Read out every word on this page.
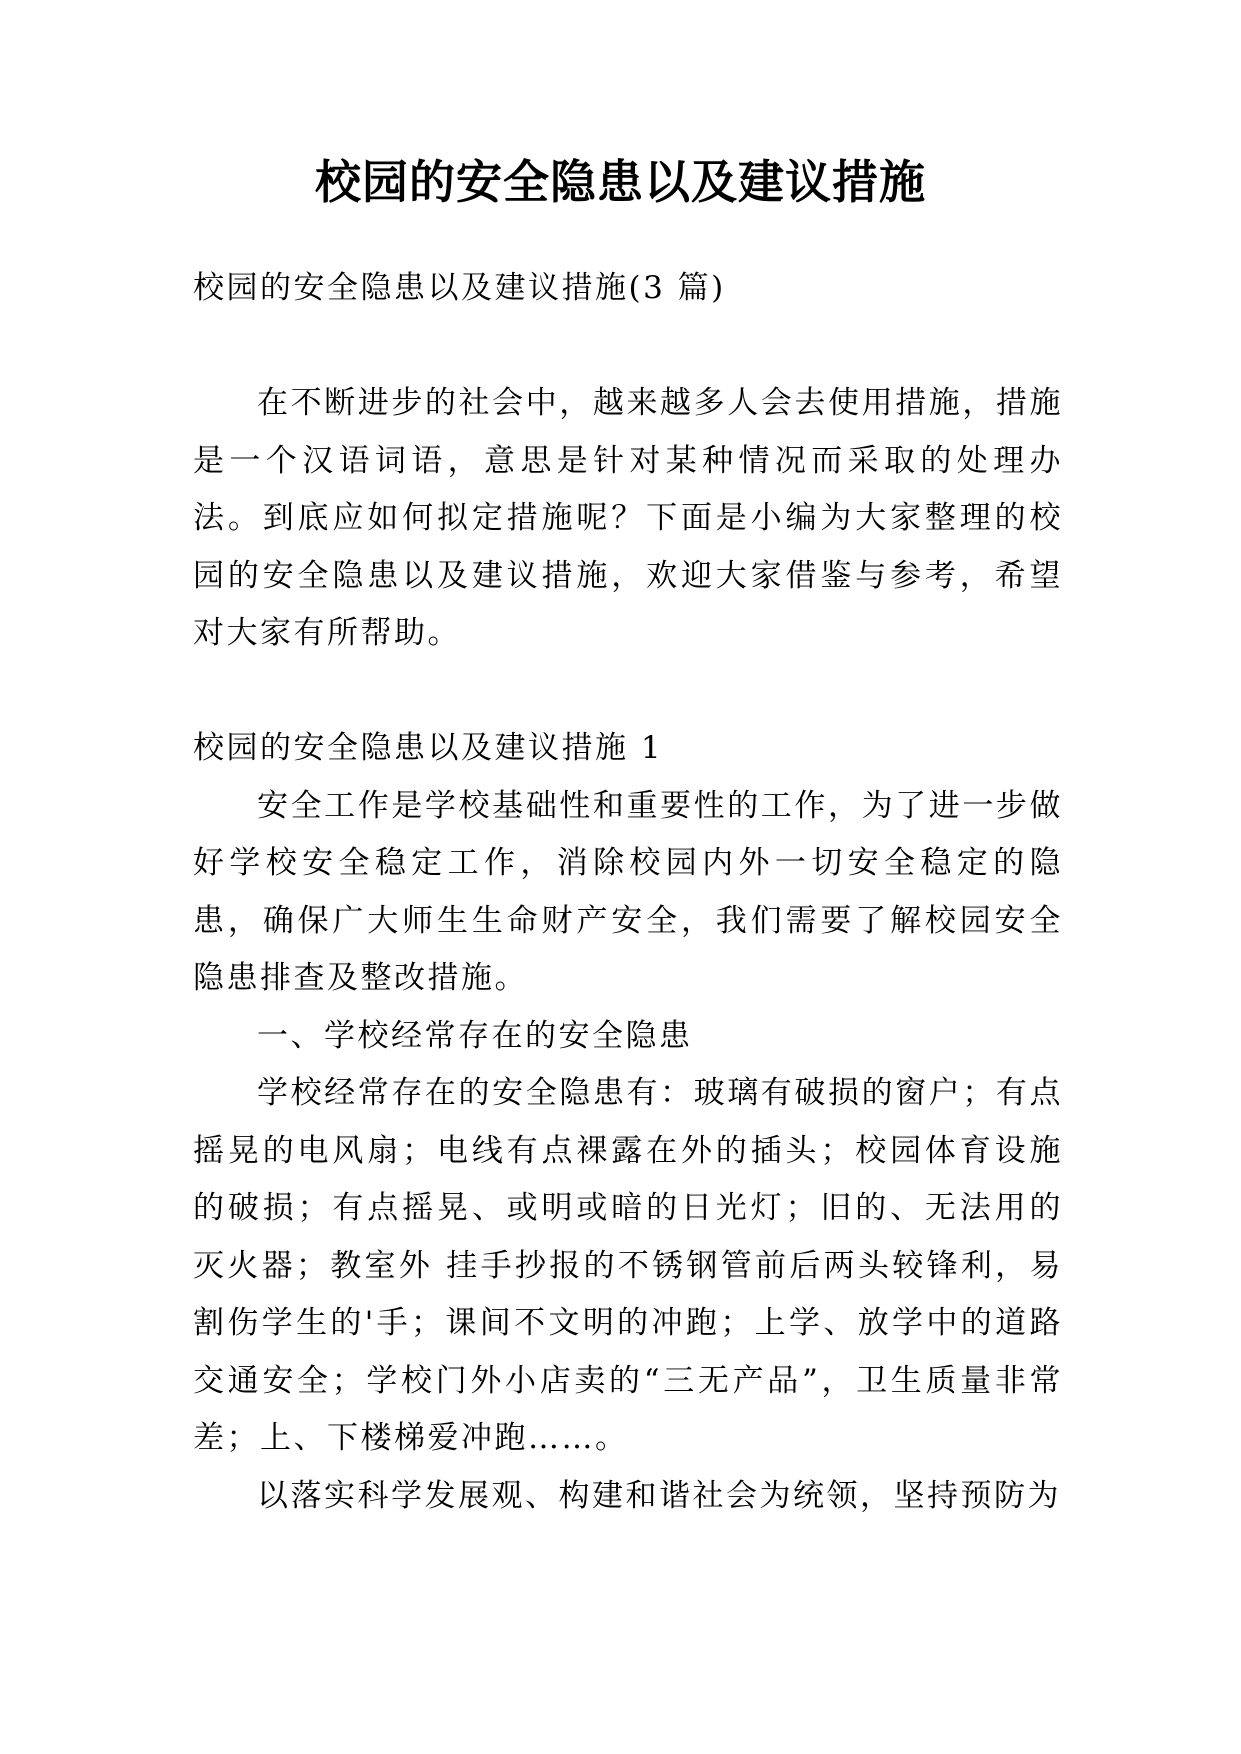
校园的安全隐患以及建议措施

校园的安全隐患以及建议措施(3 篇)

在不断进步的社会中，越来越多人会去使用措施，措施是一个汉语词语，意思是针对某种情况而采取的处理办法。到底应如何拟定措施呢？下面是小编为大家整理的校园的安全隐患以及建议措施，欢迎大家借鉴与参考，希望对大家有所帮助。

校园的安全隐患以及建议措施 1

安全工作是学校基础性和重要性的工作，为了进一步做好学校安全稳定工作，消除校园内外一切安全稳定的隐患，确保广大师生生命财产安全，我们需要了解校园安全隐患排查及整改措施。

一、学校经常存在的安全隐患

学校经常存在的安全隐患有：玻璃有破损的窗户；有点摇晃的电风扇；电线有点裸露在外的插头；校园体育设施的破损；有点摇晃、或明或暗的日光灯；旧的、无法用的灭火器；教室外 挂手抄报的不锈钢管前后两头较锋利，易割伤学生的'手；课间不文明的冲跑；上学、放学中的道路交通安全；学校门外小店卖的“三无产品”，卫生质量非常差；上、下楼梯爱冲跑……。

以落实科学发展观、构建和谐社会为统领，坚持预防为
